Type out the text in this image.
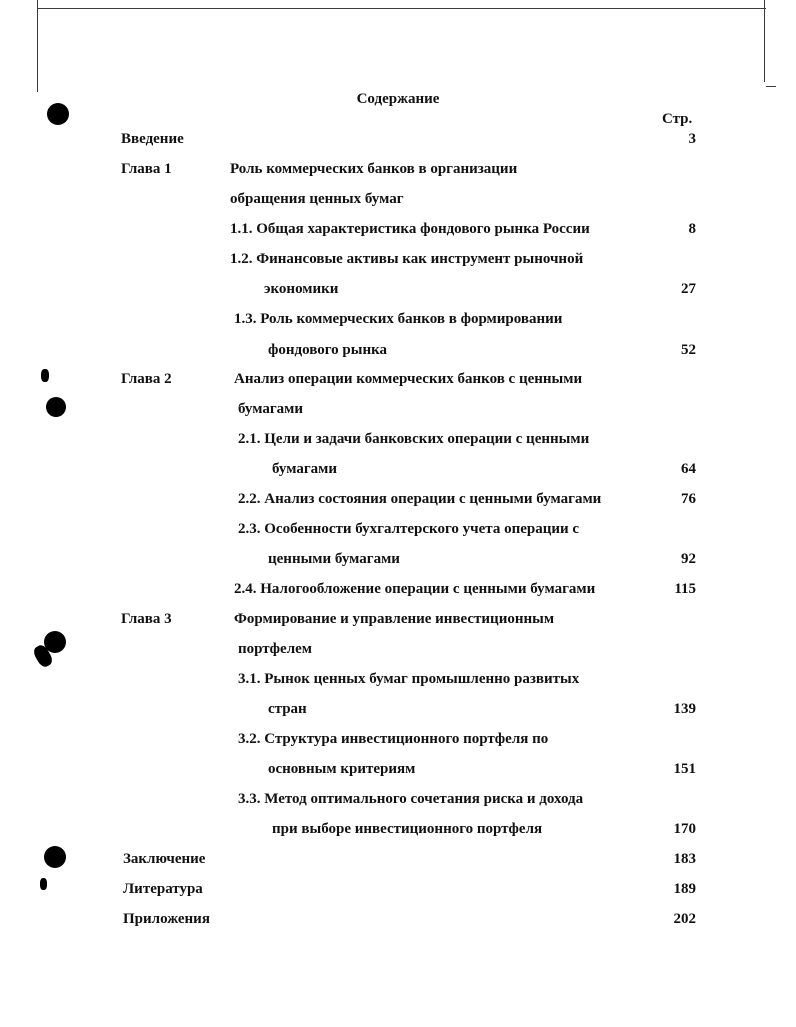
Содержание
Стр.
Введение	3
Глава 1	Роль коммерческих банков в организации
обращения ценных бумаг
1.1. Общая характеристика фондового рынка России	8
1.2. Финансовые активы как инструмент рыночной
экономики	27
1.3. Роль коммерческих банков в формировании
фондового рынка	52
Глава 2	Анализ операции коммерческих банков с ценными
бумагами
2.1. Цели и задачи банковских операции с ценными
бумагами	64
2.2. Анализ состояния операции с ценными бумагами	76
2.3. Особенности бухгалтерского учета операции с
ценными бумагами	92
2.4. Налогообложение операции с ценными бумагами	115
Глава 3	Формирование и управление инвестиционным
портфелем
3.1. Рынок ценных бумаг промышленно развитых
стран	139
3.2. Структура инвестиционного портфеля по
основным критериям	151
3.3. Метод оптимального сочетания риска и дохода
при выборе инвестиционного портфеля	170
Заключение	183
Литература	189
Приложения	202
